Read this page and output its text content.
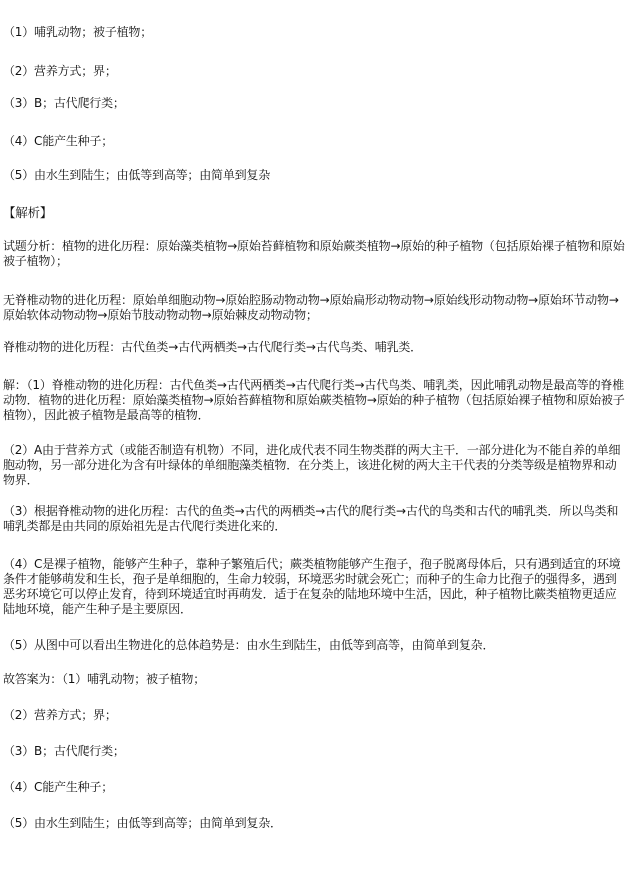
（1）哺乳动物；被子植物；
（2）营养方式；界；
（3）B；古代爬行类；
（4）C能产生种子；
（5）由水生到陆生；由低等到高等；由简单到复杂
【解析】
试题分析：植物的进化历程：原始藻类植物→原始苔藓植物和原始蕨类植物→原始的种子植物（包括原始裸子植物和原始被子植物）；
无脊椎动物的进化历程：原始单细胞动物→原始腔肠动物动物→原始扁形动物动物→原始线形动物动物→原始环节动物→原始软体动物动物→原始节肢动物动物→原始棘皮动物动物；
脊椎动物的进化历程：古代鱼类→古代两栖类→古代爬行类→古代鸟类、哺乳类．
解：（1）脊椎动物的进化历程：古代鱼类→古代两栖类→古代爬行类→古代鸟类、哺乳类，因此哺乳动物是最高等的脊椎动物．植物的进化历程：原始藻类植物→原始苔藓植物和原始蕨类植物→原始的种子植物（包括原始裸子植物和原始被子植物），因此被子植物是最高等的植物．
（2）A由于营养方式（或能否制造有机物）不同，进化成代表不同生物类群的两大主干．一部分进化为不能自养的单细胞动物，另一部分进化为含有叶绿体的单细胞藻类植物．在分类上，该进化树的两大主干代表的分类等级是植物界和动物界．
（3）根据脊椎动物的进化历程：古代的鱼类→古代的两栖类→古代的爬行类→古代的鸟类和古代的哺乳类．所以鸟类和哺乳类都是由共同的原始祖先是古代爬行类进化来的．
（4）C是裸子植物，能够产生种子，靠种子繁殖后代；蕨类植物能够产生孢子，孢子脱离母体后，只有遇到适宜的环境条件才能够萌发和生长，孢子是单细胞的，生命力较弱，环境恶劣时就会死亡；而种子的生命力比孢子的强得多，遇到恶劣环境它可以停止发育，待到环境适宜时再萌发．适于在复杂的陆地环境中生活，因此，种子植物比蕨类植物更适应陆地环境，能产生种子是主要原因．
（5）从图中可以看出生物进化的总体趋势是：由水生到陆生，由低等到高等，由简单到复杂．
故答案为：（1）哺乳动物；被子植物；
（2）营养方式；界；
（3）B；古代爬行类；
（4）C能产生种子；
（5）由水生到陆生；由低等到高等；由简单到复杂．
